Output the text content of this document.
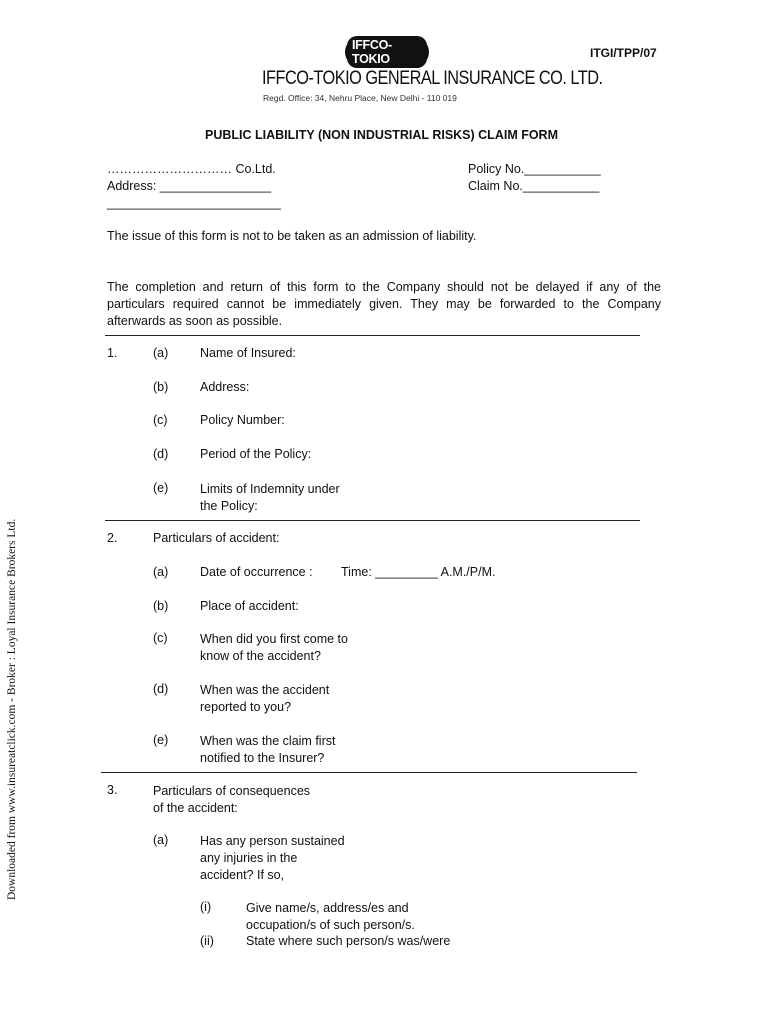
IFFCO-TOKIO	ITGI/TPP/07
IFFCO-TOKIO GENERAL INSURANCE CO. LTD.
Regd. Office: 34, Nehru Place, New Delhi - 110 019
PUBLIC LIABILITY (NON INDUSTRIAL RISKS) CLAIM FORM
………………………… Co.Ltd.
Address: ________________
_________________________
Policy No.___________
Claim No.___________
The issue of this form is not to be taken as an admission of liability.
The completion and return of this form to the Company should not be delayed if any of the particulars required cannot be immediately given. They may be forwarded to the Company afterwards as soon as possible.
1.	(a)	Name of Insured:
(b)	Address:
(c)	Policy Number:
(d)	Period of the Policy:
(e)	Limits of Indemnity under the Policy:
2.	Particulars of accident:
(a)	Date of occurrence : Time: _________ A.M./P/M.
(b)	Place of accident:
(c)	When did you first come to know of the accident?
(d)	When was the accident reported to you?
(e)	When was the claim first notified to the Insurer?
3.	Particulars of consequences of the accident:
(a)	Has any person sustained any injuries in the accident? If so,
(i)	Give name/s, address/es and occupation/s of such person/s.
(ii)	State where such person/s was/were
Downloaded from www.insureatclick.com - Broker : Loyal Insurance Brokers Ltd.
